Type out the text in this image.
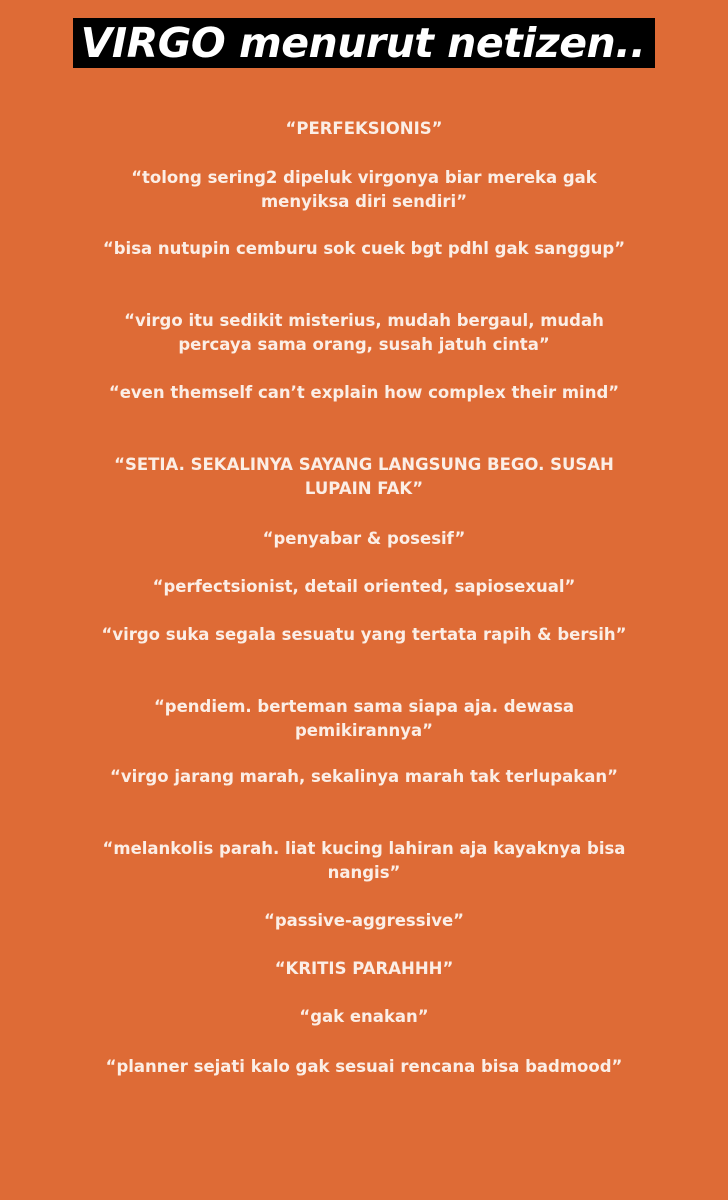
VIRGO menurut netizen..

“PERFEKSIONIS”

“tolong sering2 dipeluk virgonya biar mereka gak menyiksa diri sendiri”

“bisa nutupin cemburu sok cuek bgt pdhl gak sanggup”

“virgo itu sedikit misterius, mudah bergaul, mudah percaya sama orang, susah jatuh cinta”

“even themself can’t explain how complex their mind”

“SETIA. SEKALINYA SAYANG LANGSUNG BEGO. SUSAH LUPAIN FAK”

“penyabar & posesif”

“perfectsionist, detail oriented, sapiosexual”

“virgo suka segala sesuatu yang tertata rapih & bersih”

“pendiem. berteman sama siapa aja. dewasa pemikirannya”

“virgo jarang marah, sekalinya marah tak terlupakan”

“melankolis parah. liat kucing lahiran aja kayaknya bisa nangis”

“passive-aggressive”

“KRITIS PARAHHH”

“gak enakan”

“planner sejati kalo gak sesuai rencana bisa badmood”
